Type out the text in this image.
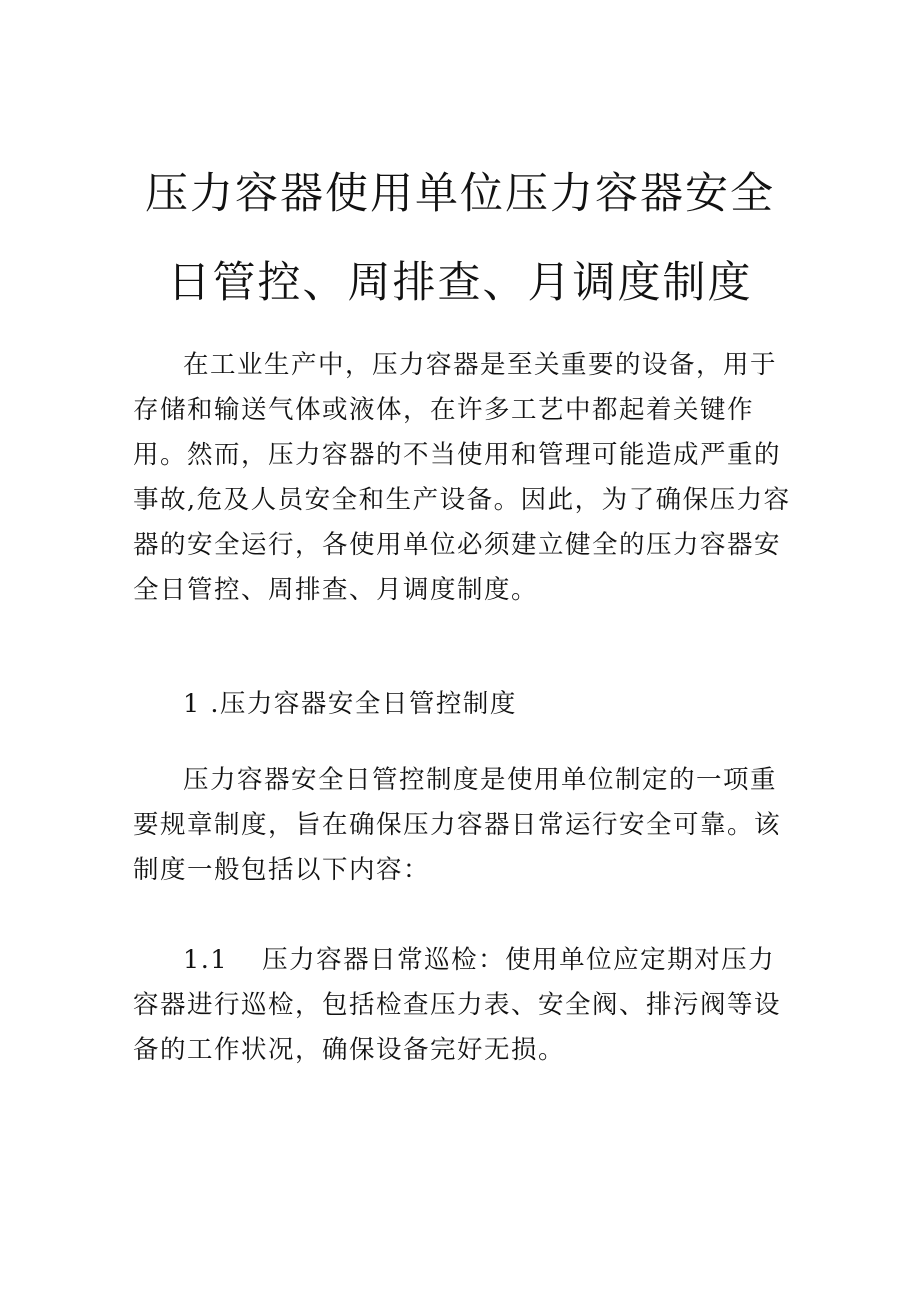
压力容器使用单位压力容器安全
日管控、周排查、月调度制度

在工业生产中，压力容器是至关重要的设备，用于存储和输送气体或液体，在许多工艺中都起着关键作用。然而，压力容器的不当使用和管理可能造成严重的事故,危及人员安全和生产设备。因此，为了确保压力容器的安全运行，各使用单位必须建立健全的压力容器安全日管控、周排查、月调度制度。

1 .压力容器安全日管控制度

压力容器安全日管控制度是使用单位制定的一项重要规章制度，旨在确保压力容器日常运行安全可靠。该制度一般包括以下内容：

1.1 压力容器日常巡检：使用单位应定期对压力容器进行巡检，包括检查压力表、安全阀、排污阀等设备的工作状况，确保设备完好无损。
